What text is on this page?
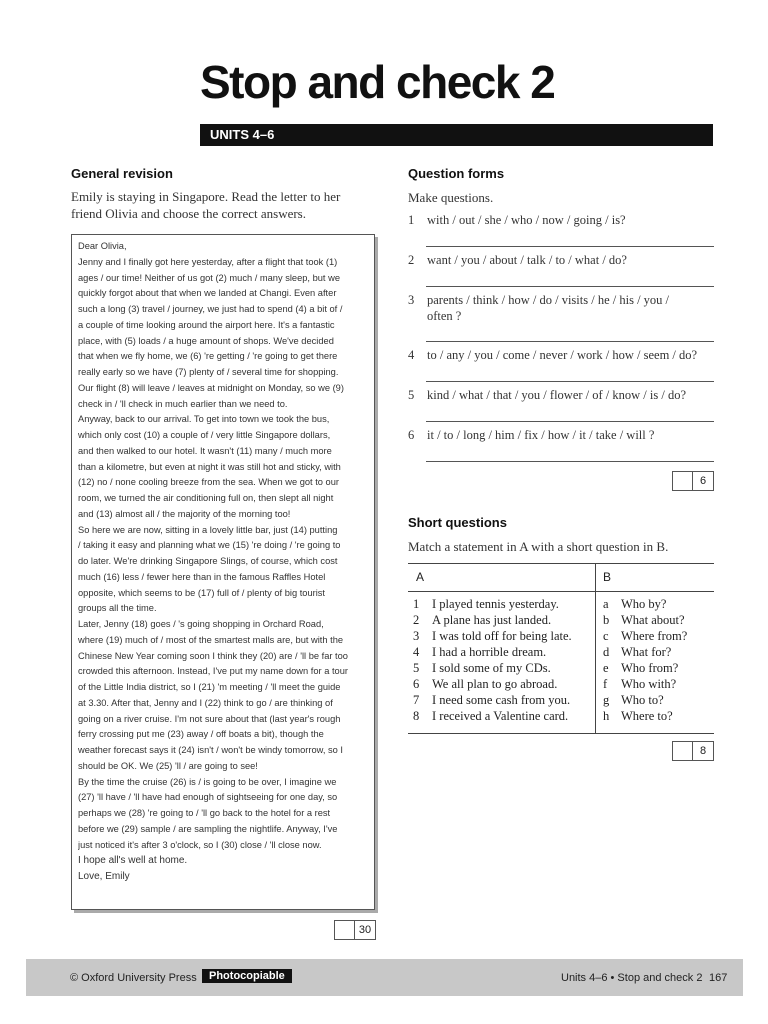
Stop and check 2
UNITS 4–6
General revision
Emily is staying in Singapore. Read the letter to her
friend Olivia and choose the correct answers.
Dear Olivia,
Jenny and I finally got here yesterday, after a flight that took (1)
ages / our time! Neither of us got (2) much / many sleep, but we
quickly forgot about that when we landed at Changi. Even after
such a long (3) travel / journey, we just had to spend (4) a bit of /
a couple of time looking around the airport here. It's a fantastic
place, with (5) loads / a huge amount of shops. We've decided
that when we fly home, we (6) 're getting / 're going to get there
really early so we have (7) plenty of / several time for shopping.
Our flight (8) will leave / leaves at midnight on Monday, so we (9)
check in / 'll check in much earlier than we need to.
Anyway, back to our arrival. To get into town we took the bus,
which only cost (10) a couple of / very little Singapore dollars,
and then walked to our hotel. It wasn't (11) many / much more
than a kilometre, but even at night it was still hot and sticky, with
(12) no / none cooling breeze from the sea. When we got to our
room, we turned the air conditioning full on, then slept all night
and (13) almost all / the majority of the morning too!
So here we are now, sitting in a lovely little bar, just (14) putting
/ taking it easy and planning what we (15) 're doing / 're going to
do later. We're drinking Singapore Slings, of course, which cost
much (16) less / fewer here than in the famous Raffles Hotel
opposite, which seems to be (17) full of / plenty of big tourist
groups all the time.
Later, Jenny (18) goes / 's going shopping in Orchard Road,
where (19) much of / most of the smartest malls are, but with the
Chinese New Year coming soon I think they (20) are / 'll be far too
crowded this afternoon. Instead, I've put my name down for a tour
of the Little India district, so I (21) 'm meeting / 'll meet the guide
at 3.30. After that, Jenny and I (22) think to go / are thinking of
going on a river cruise. I'm not sure about that (last year's rough
ferry crossing put me (23) away / off boats a bit), though the
weather forecast says it (24) isn't / won't be windy tomorrow, so I
should be OK. We (25) 'll / are going to see!
By the time the cruise (26) is / is going to be over, I imagine we
(27) 'll have / 'll have had enough of sightseeing for one day, so
perhaps we (28) 're going to / 'll go back to the hotel for a rest
before we (29) sample / are sampling the nightlife. Anyway, I've
just noticed it's after 3 o'clock, so I (30) close / 'll close now.
I hope all's well at home.
Love, Emily
30
Question forms
Make questions.
1 with / out / she / who / now / going / is?
2 want / you / about / talk / to / what / do?
3 parents / think / how / do / visits / he / his / you /
often ?
4 to / any / you / come / never / work / how / seem / do?
5 kind / what / that / you / flower / of / know / is / do?
6 it / to / long / him / fix / how / it / take / will ?
6
Short questions
Match a statement in A with a short question in B.
A	B
1 I played tennis yesterday.	a Who by?
2 A plane has just landed.	b What about?
3 I was told off for being late.	c Where from?
4 I had a horrible dream.	d What for?
5 I sold some of my CDs.	e Who from?
6 We all plan to go abroad.	f Who with?
7 I need some cash from you.	g Who to?
8 I received a Valentine card.	h Where to?
8
© Oxford University Press	Photocopiable	Units 4–6 • Stop and check 2 167
